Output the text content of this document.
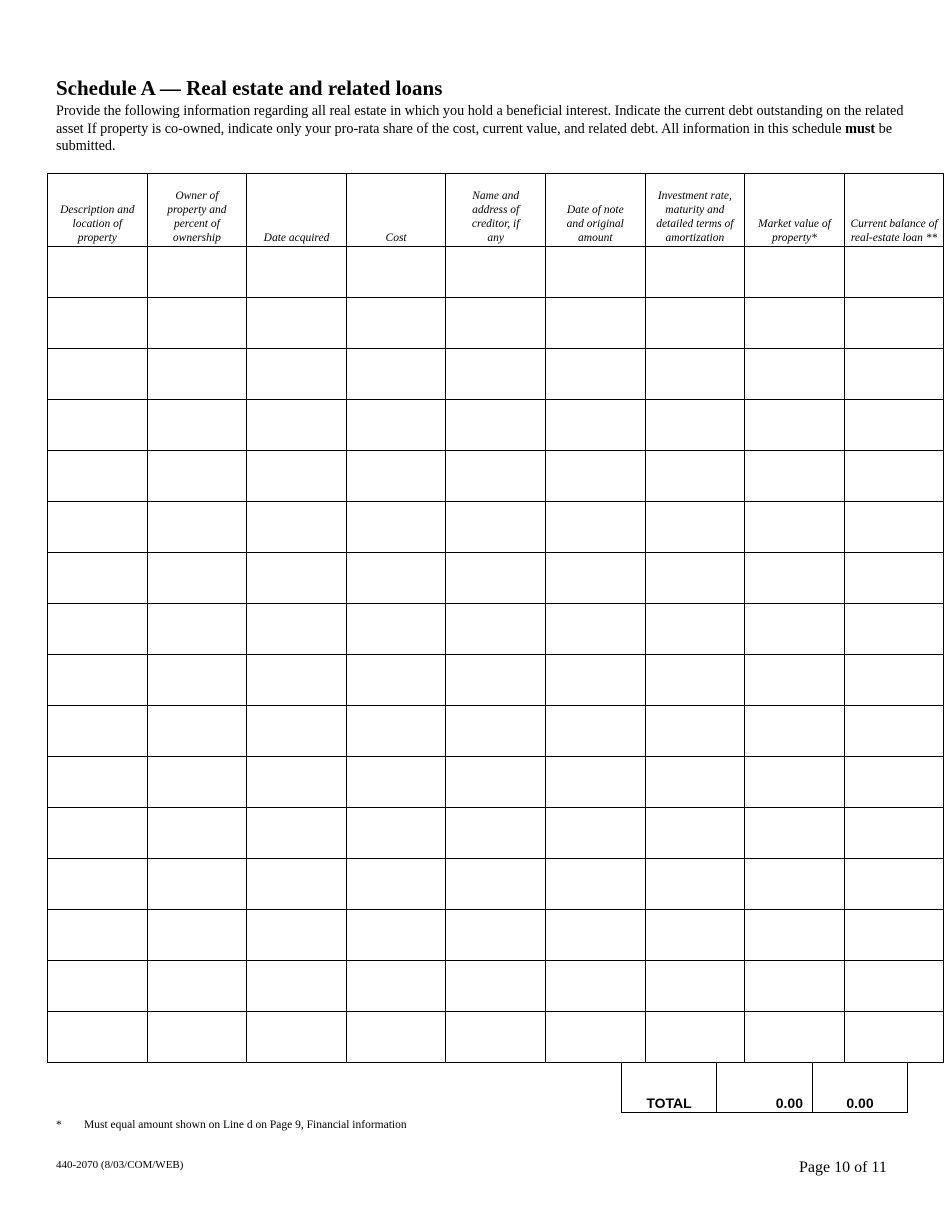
Schedule A — Real estate and related loans

Provide the following information regarding all real estate in which you hold a beneficial interest. Indicate the current debt outstanding on the related asset If property is co-owned, indicate only your pro-rata share of the cost, current value, and related debt. All information in this schedule must be submitted.

Description and location of property	Owner of property and percent of ownership	Date acquired	Cost	Name and address of creditor, if any	Date of note and original amount	Investment rate, maturity and detailed terms of amortization	Market value of property*	Current balance of real-estate loan **

TOTAL	0.00	0.00
* Must equal amount shown on Line d on Page 9, Financial information
440-2070 (8/03/COM/WEB)	Page 10 of 11
